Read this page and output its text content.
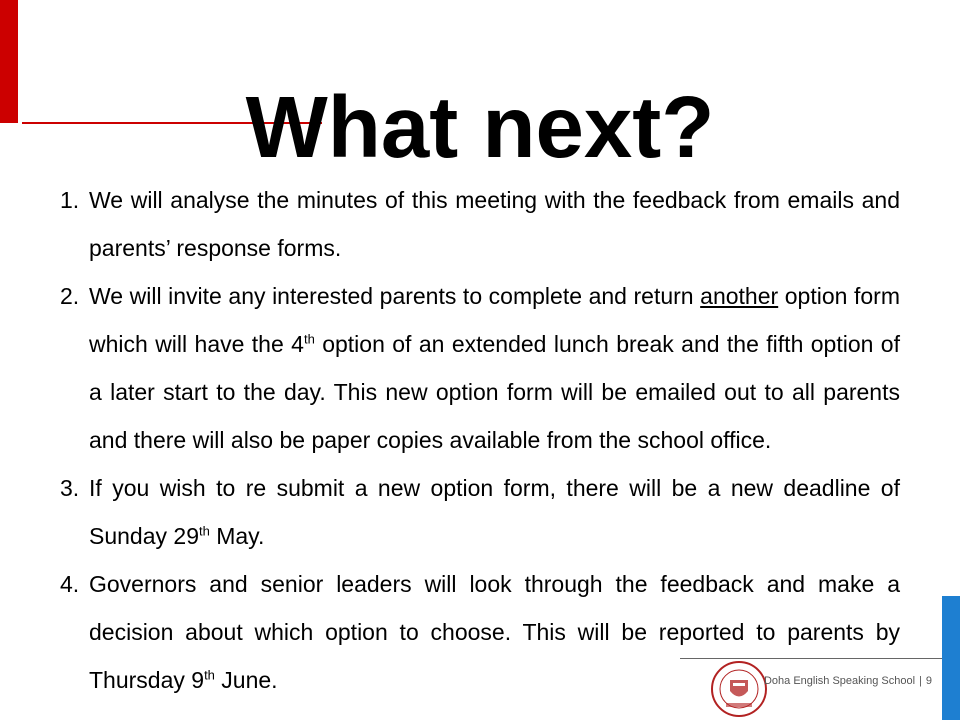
What next?
1. We will analyse the minutes of this meeting with the feedback from emails and parents’ response forms.
2. We will invite any interested parents to complete and return another option form which will have the 4th option of an extended lunch break and the fifth option of a later start to the day. This new option form will be emailed out to all parents and there will also be paper copies available from the school office.
3. If you wish to re submit a new option form, there will be a new deadline of Sunday 29th May.
4. Governors and senior leaders will look through the feedback and make a decision about which option to choose. This will be reported to parents by Thursday 9th June.	Doha English Speaking School | 9
